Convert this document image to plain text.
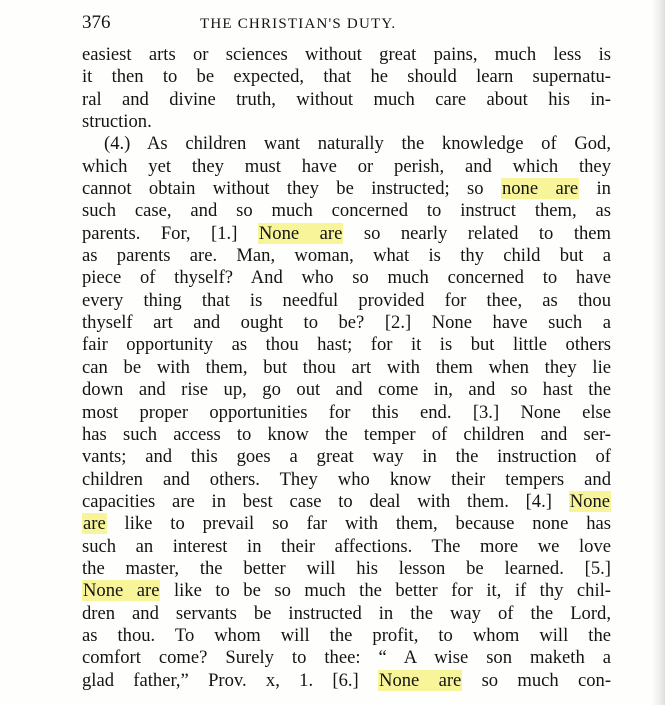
376	THE CHRISTIAN'S DUTY.
easiest arts or sciences without great pains, much less is
it then to be expected, that he should learn supernatu-
ral and divine truth, without much care about his in-
struction.
(4.) As children want naturally the knowledge of God,
which yet they must have or perish, and which they
cannot obtain without they be instructed; so none are in
such case, and so much concerned to instruct them, as
parents. For, [1.] None are so nearly related to them
as parents are. Man, woman, what is thy child but a
piece of thyself? And who so much concerned to have
every thing that is needful provided for thee, as thou
thyself art and ought to be? [2.] None have such a
fair opportunity as thou hast; for it is but little others
can be with them, but thou art with them when they lie
down and rise up, go out and come in, and so hast the
most proper opportunities for this end. [3.] None else
has such access to know the temper of children and ser-
vants; and this goes a great way in the instruction of
children and others. They who know their tempers and
capacities are in best case to deal with them. [4.] None
are like to prevail so far with them, because none has
such an interest in their affections. The more we love
the master, the better will his lesson be learned. [5.]
None are like to be so much the better for it, if thy chil-
dren and servants be instructed in the way of the Lord,
as thou. To whom will the profit, to whom will the
comfort come? Surely to thee: “ A wise son maketh a
glad father,” Prov. x, 1. [6.] None are so much con-
